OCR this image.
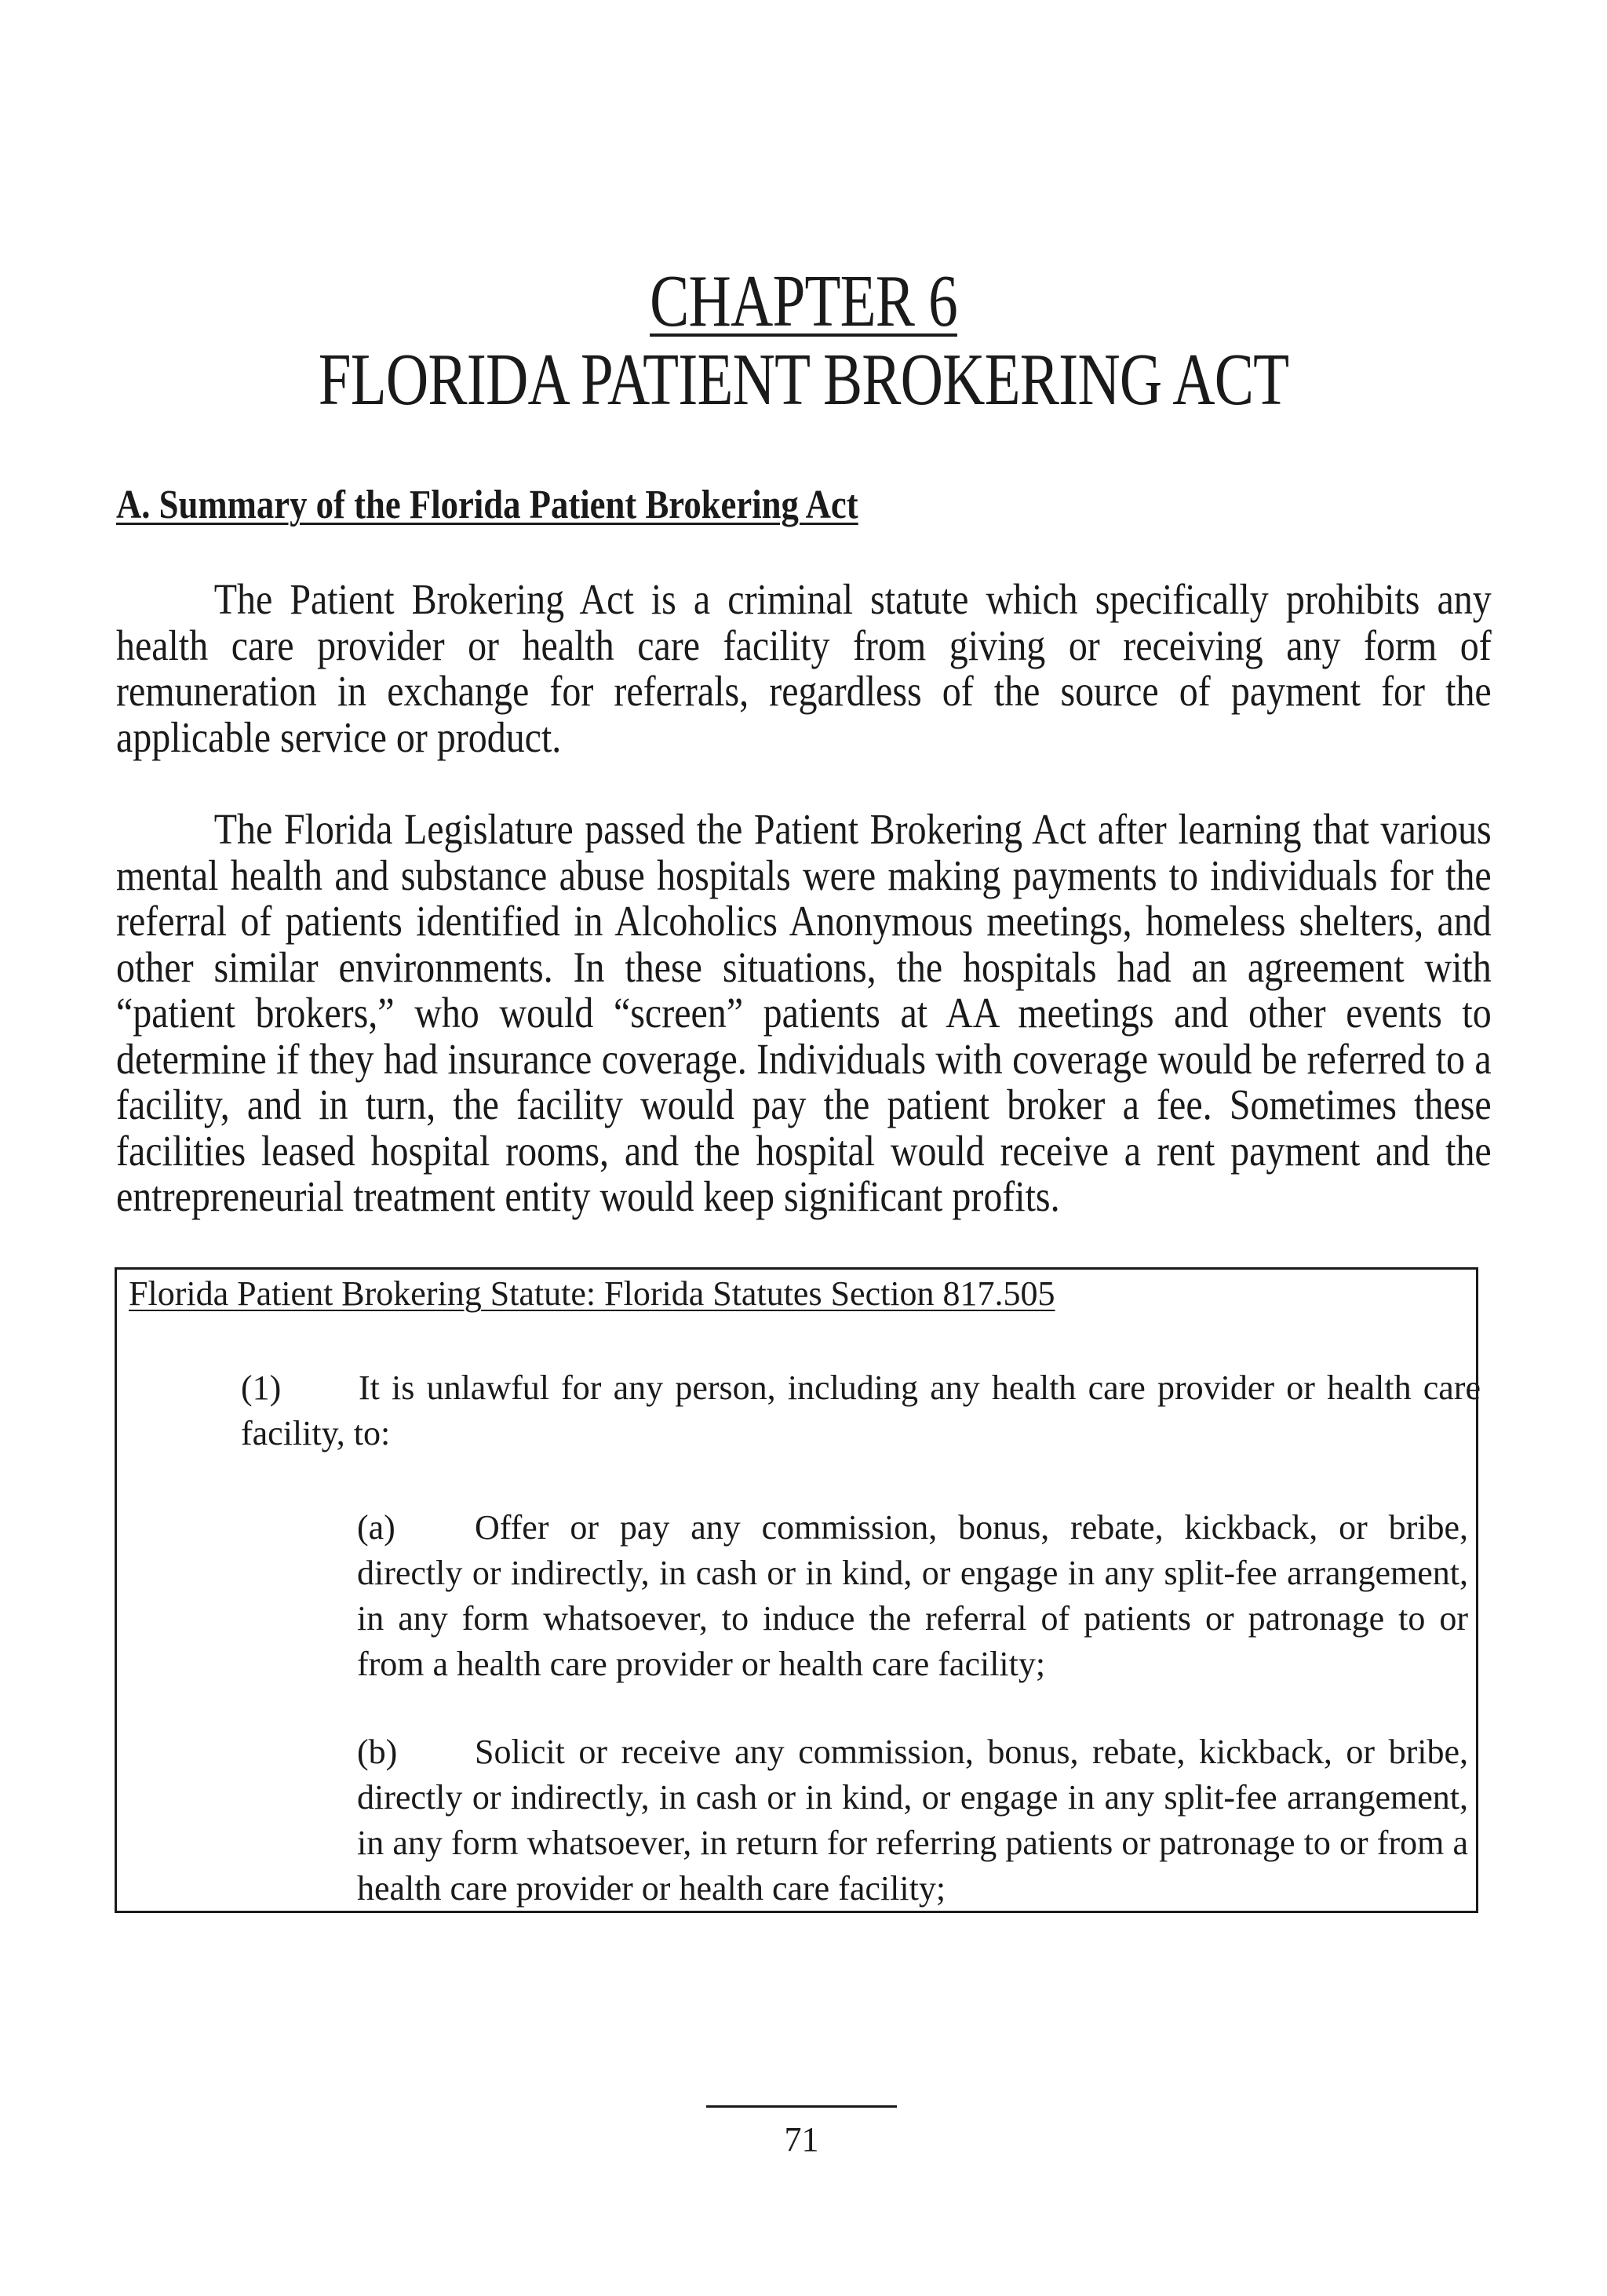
CHAPTER 6
FLORIDA PATIENT BROKERING ACT
A. Summary of the Florida Patient Brokering Act

The Patient Brokering Act is a criminal statute which specifically prohibits any health care provider or health care facility from giving or receiving any form of remuneration in exchange for referrals, regardless of the source of payment for the applicable service or product.

The Florida Legislature passed the Patient Brokering Act after learning that various mental health and substance abuse hospitals were making payments to individuals for the referral of patients identified in Alcoholics Anonymous meetings, homeless shelters, and other similar environments. In these situations, the hospitals had an agreement with “patient brokers,” who would “screen” patients at AA meetings and other events to determine if they had insurance coverage. Individuals with coverage would be referred to a facility, and in turn, the facility would pay the patient broker a fee. Sometimes these facilities leased hospital rooms, and the hospital would receive a rent payment and the entrepreneurial treatment entity would keep significant profits.

Florida Patient Brokering Statute: Florida Statutes Section 817.505

(1) It is unlawful for any person, including any health care provider or health care facility, to:

(a) Offer or pay any commission, bonus, rebate, kickback, or bribe, directly or indirectly, in cash or in kind, or engage in any split-fee arrangement, in any form whatsoever, to induce the referral of patients or patronage to or from a health care provider or health care facility;

(b) Solicit or receive any commission, bonus, rebate, kickback, or bribe, directly or indirectly, in cash or in kind, or engage in any split-fee arrangement, in any form whatsoever, in return for referring patients or patronage to or from a health care provider or health care facility;

71
